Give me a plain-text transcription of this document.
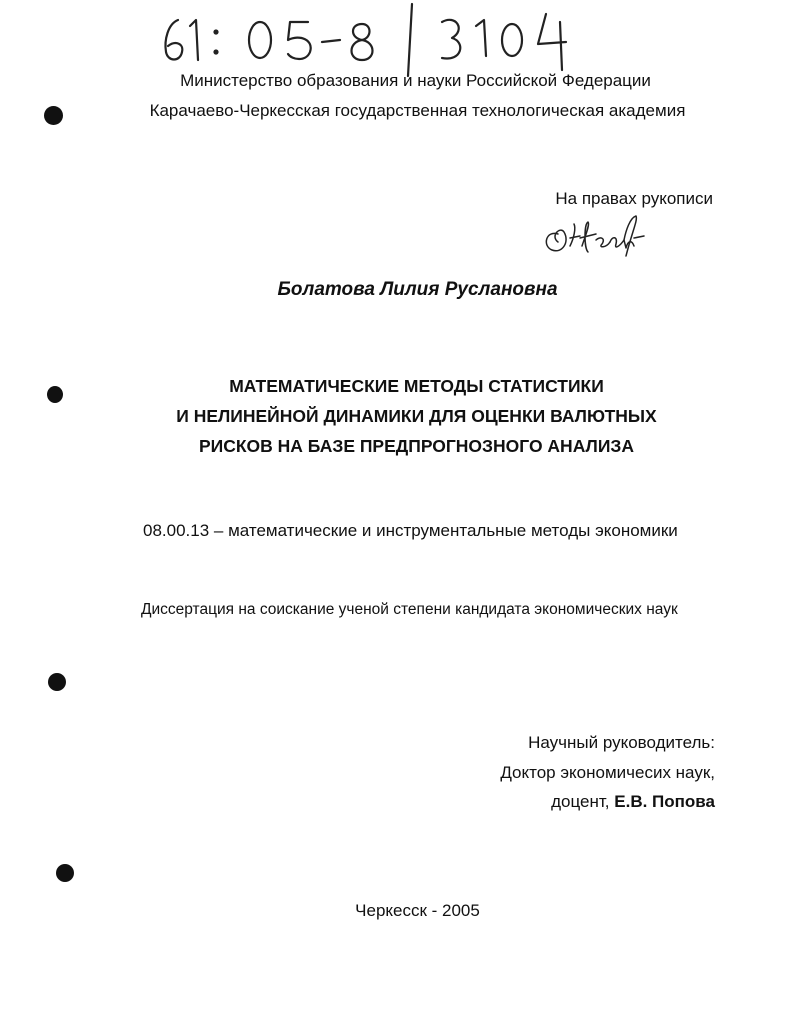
Министерство образования и науки Российской Федерации
Карачаево-Черкесская государственная технологическая академия
На правах рукописи
Болатова Лилия Руслановна
МАТЕМАТИЧЕСКИЕ МЕТОДЫ СТАТИСТИКИ
И НЕЛИНЕЙНОЙ ДИНАМИКИ ДЛЯ ОЦЕНКИ ВАЛЮТНЫХ
РИСКОВ НА БАЗЕ ПРЕДПРОГНОЗНОГО АНАЛИЗА
08.00.13 – математические и инструментальные методы экономики
Диссертация на соискание ученой степени кандидата экономических наук
Научный руководитель:
Доктор экономичесих наук,
доцент, Е.В. Попова
Черкесск - 2005
